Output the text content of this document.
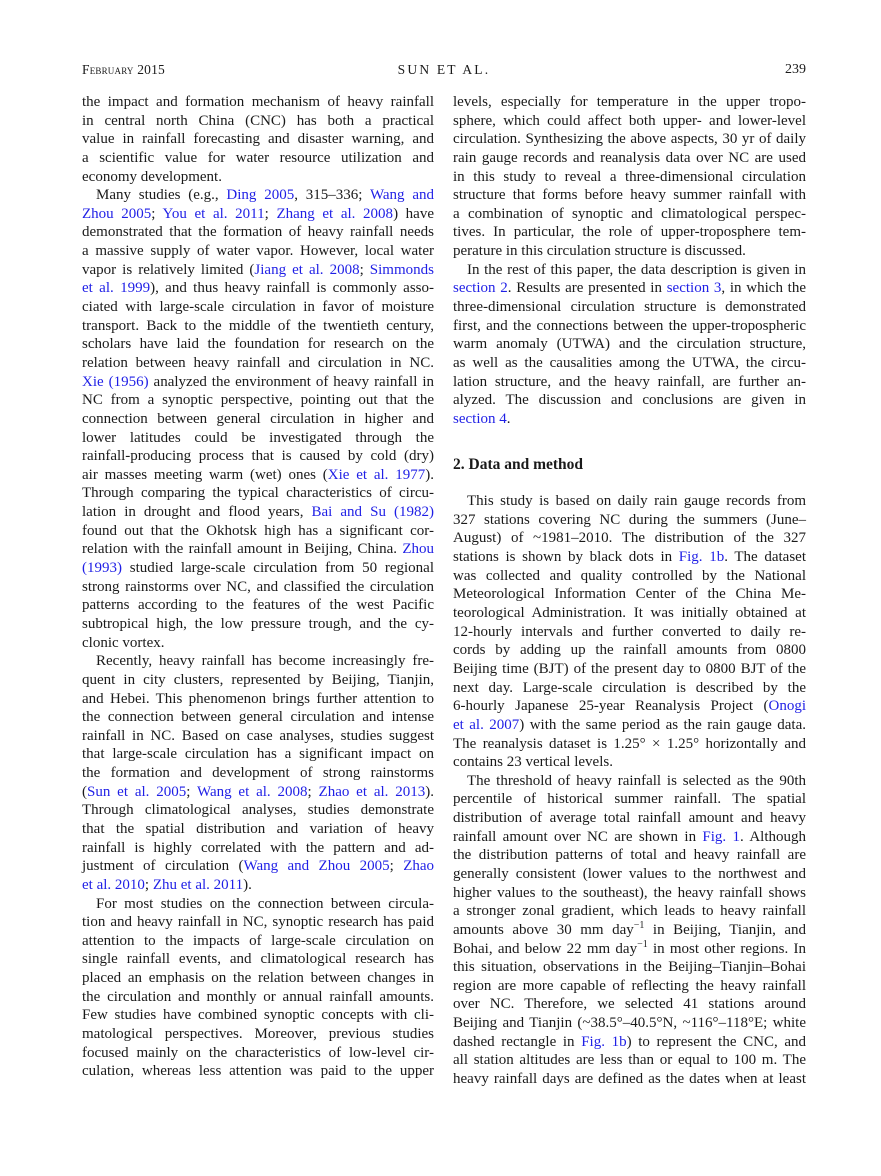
February 2015	SUN ET AL.	239
the impact and formation mechanism of heavy rainfall
in central north China (CNC) has both a practical
value in rainfall forecasting and disaster warning, and
a scientific value for water resource utilization and
economy development.
Many studies (e.g., Ding 2005, 315–336; Wang and
Zhou 2005; You et al. 2011; Zhang et al. 2008) have
demonstrated that the formation of heavy rainfall needs
a massive supply of water vapor. However, local water
vapor is relatively limited (Jiang et al. 2008; Simmonds
et al. 1999), and thus heavy rainfall is commonly asso-
ciated with large-scale circulation in favor of moisture
transport. Back to the middle of the twentieth century,
scholars have laid the foundation for research on the
relation between heavy rainfall and circulation in NC.
Xie (1956) analyzed the environment of heavy rainfall in
NC from a synoptic perspective, pointing out that the
connection between general circulation in higher and
lower latitudes could be investigated through the
rainfall-producing process that is caused by cold (dry)
air masses meeting warm (wet) ones (Xie et al. 1977).
Through comparing the typical characteristics of circu-
lation in drought and flood years, Bai and Su (1982)
found out that the Okhotsk high has a significant cor-
relation with the rainfall amount in Beijing, China. Zhou
(1993) studied large-scale circulation from 50 regional
strong rainstorms over NC, and classified the circulation
patterns according to the features of the west Pacific
subtropical high, the low pressure trough, and the cy-
clonic vortex.
Recently, heavy rainfall has become increasingly fre-
quent in city clusters, represented by Beijing, Tianjin,
and Hebei. This phenomenon brings further attention to
the connection between general circulation and intense
rainfall in NC. Based on case analyses, studies suggest
that large-scale circulation has a significant impact on
the formation and development of strong rainstorms
(Sun et al. 2005; Wang et al. 2008; Zhao et al. 2013).
Through climatological analyses, studies demonstrate
that the spatial distribution and variation of heavy
rainfall is highly correlated with the pattern and ad-
justment of circulation (Wang and Zhou 2005; Zhao
et al. 2010; Zhu et al. 2011).
For most studies on the connection between circula-
tion and heavy rainfall in NC, synoptic research has paid
attention to the impacts of large-scale circulation on
single rainfall events, and climatological research has
placed an emphasis on the relation between changes in
the circulation and monthly or annual rainfall amounts.
Few studies have combined synoptic concepts with cli-
matological perspectives. Moreover, previous studies
focused mainly on the characteristics of low-level cir-
culation, whereas less attention was paid to the upper
levels, especially for temperature in the upper tropo-
sphere, which could affect both upper- and lower-level
circulation. Synthesizing the above aspects, 30 yr of daily
rain gauge records and reanalysis data over NC are used
in this study to reveal a three-dimensional circulation
structure that forms before heavy summer rainfall with
a combination of synoptic and climatological perspec-
tives. In particular, the role of upper-troposphere tem-
perature in this circulation structure is discussed.
In the rest of this paper, the data description is given in
section 2. Results are presented in section 3, in which the
three-dimensional circulation structure is demonstrated
first, and the connections between the upper-tropospheric
warm anomaly (UTWA) and the circulation structure,
as well as the causalities among the UTWA, the circu-
lation structure, and the heavy rainfall, are further an-
alyzed. The discussion and conclusions are given in
section 4.
2. Data and method
This study is based on daily rain gauge records from
327 stations covering NC during the summers (June–
August) of ~1981–2010. The distribution of the 327
stations is shown by black dots in Fig. 1b. The dataset
was collected and quality controlled by the National
Meteorological Information Center of the China Me-
teorological Administration. It was initially obtained at
12-hourly intervals and further converted to daily re-
cords by adding up the rainfall amounts from 0800
Beijing time (BJT) of the present day to 0800 BJT of the
next day. Large-scale circulation is described by the
6-hourly Japanese 25-year Reanalysis Project (Onogi
et al. 2007) with the same period as the rain gauge data.
The reanalysis dataset is 1.25° × 1.25° horizontally and
contains 23 vertical levels.
The threshold of heavy rainfall is selected as the 90th
percentile of historical summer rainfall. The spatial
distribution of average total rainfall amount and heavy
rainfall amount over NC are shown in Fig. 1. Although
the distribution patterns of total and heavy rainfall are
generally consistent (lower values to the northwest and
higher values to the southeast), the heavy rainfall shows
a stronger zonal gradient, which leads to heavy rainfall
amounts above 30 mm day$^{-1}$ in Beijing, Tianjin, and
Bohai, and below 22 mm day$^{-1}$ in most other regions. In
this situation, observations in the Beijing–Tianjin–Bohai
region are more capable of reflecting the heavy rainfall
over NC. Therefore, we selected 41 stations around
Beijing and Tianjin (~38.5°–40.5°N, ~116°–118°E; white
dashed rectangle in Fig. 1b) to represent the CNC, and
all station altitudes are less than or equal to 100 m. The
heavy rainfall days are defined as the dates when at least
